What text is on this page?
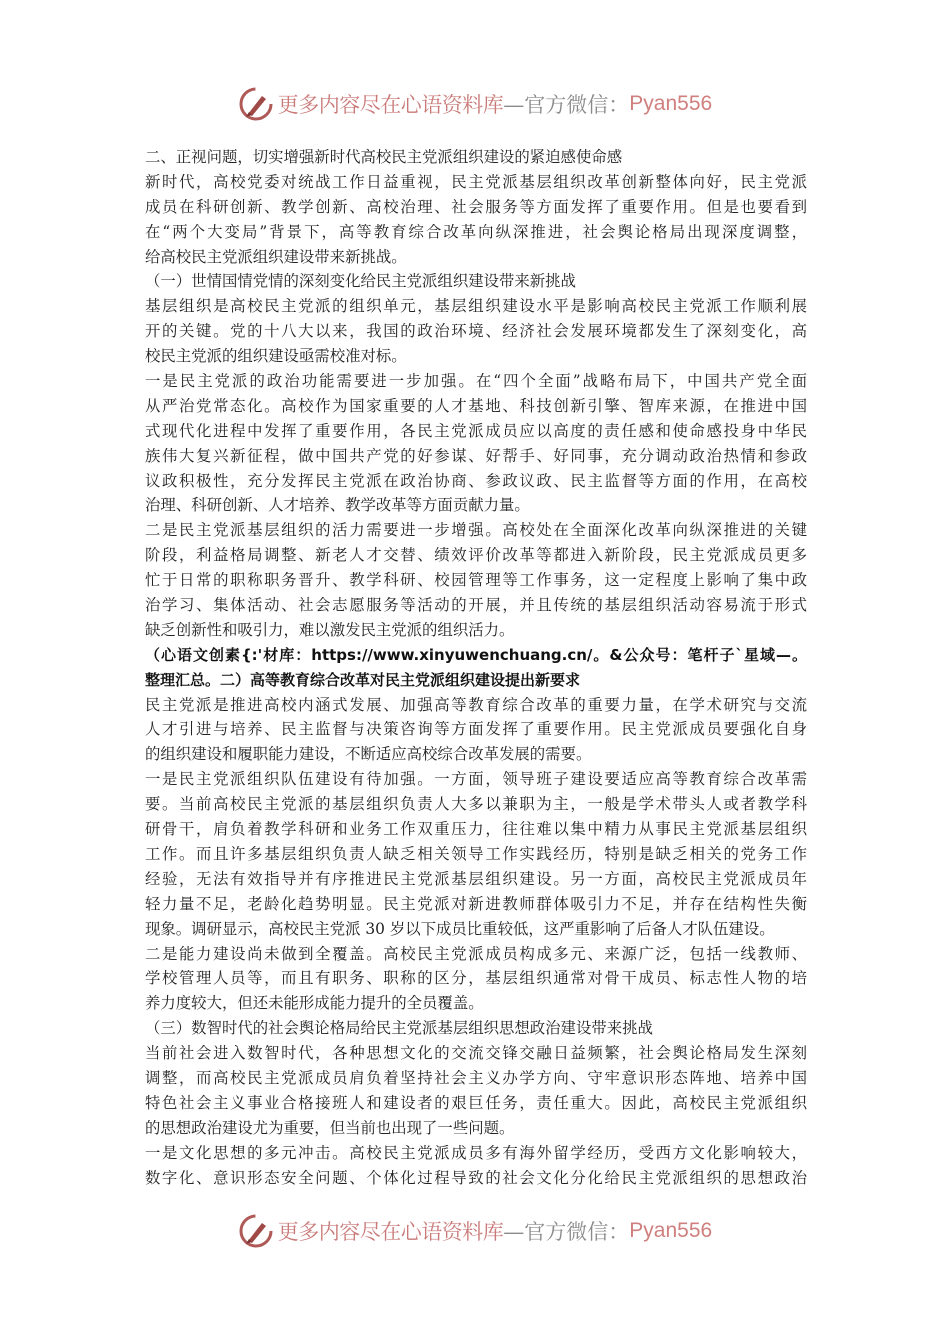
更多内容尽在心语资料库 —官方微信： Pyan556
二、正视问题，切实增强新时代高校民主党派组织建设的紧迫感使命感
新时代，高校党委对统战工作日益重视，民主党派基层组织改革创新整体向好，民主党派
成员在科研创新、教学创新、高校治理、社会服务等方面发挥了重要作用。但是也要看到
在“两个大变局”背景下，高等教育综合改革向纵深推进，社会舆论格局出现深度调整，
给高校民主党派组织建设带来新挑战。
（一）世情国情党情的深刻变化给民主党派组织建设带来新挑战
基层组织是高校民主党派的组织单元，基层组织建设水平是影响高校民主党派工作顺利展
开的关键。党的十八大以来，我国的政治环境、经济社会发展环境都发生了深刻变化，高
校民主党派的组织建设亟需校准对标。
一是民主党派的政治功能需要进一步加强。在“四个全面”战略布局下，中国共产党全面
从严治党常态化。高校作为国家重要的人才基地、科技创新引擎、智库来源，在推进中国
式现代化进程中发挥了重要作用，各民主党派成员应以高度的责任感和使命感投身中华民
族伟大复兴新征程，做中国共产党的好参谋、好帮手、好同事，充分调动政治热情和参政
议政积极性，充分发挥民主党派在政治协商、参政议政、民主监督等方面的作用，在高校
治理、科研创新、人才培养、教学改革等方面贡献力量。
二是民主党派基层组织的活力需要进一步增强。高校处在全面深化改革向纵深推进的关键
阶段，利益格局调整、新老人才交替、绩效评价改革等都进入新阶段，民主党派成员更多
忙于日常的职称职务晋升、教学科研、校园管理等工作事务，这一定程度上影响了集中政
治学习、集体活动、社会志愿服务等活动的开展，并且传统的基层组织活动容易流于形式
缺乏创新性和吸引力，难以激发民主党派的组织活力。
（心语文创素{:'材库：https://www.xinyuwenchuang.cn/。&公众号：笔杆子`星域—。
整理汇总。二）高等教育综合改革对民主党派组织建设提出新要求
民主党派是推进高校内涵式发展、加强高等教育综合改革的重要力量，在学术研究与交流
人才引进与培养、民主监督与决策咨询等方面发挥了重要作用。民主党派成员要强化自身
的组织建设和履职能力建设，不断适应高校综合改革发展的需要。
一是民主党派组织队伍建设有待加强。一方面，领导班子建设要适应高等教育综合改革需
要。当前高校民主党派的基层组织负责人大多以兼职为主，一般是学术带头人或者教学科
研骨干，肩负着教学科研和业务工作双重压力，往往难以集中精力从事民主党派基层组织
工作。而且许多基层组织负责人缺乏相关领导工作实践经历，特别是缺乏相关的党务工作
经验，无法有效指导并有序推进民主党派基层组织建设。另一方面，高校民主党派成员年
轻力量不足，老龄化趋势明显。民主党派对新进教师群体吸引力不足，并存在结构性失衡
现象。调研显示，高校民主党派 30 岁以下成员比重较低，这严重影响了后备人才队伍建设。
二是能力建设尚未做到全覆盖。高校民主党派成员构成多元、来源广泛，包括一线教师、
学校管理人员等，而且有职务、职称的区分，基层组织通常对骨干成员、标志性人物的培
养力度较大，但还未能形成能力提升的全员覆盖。
（三）数智时代的社会舆论格局给民主党派基层组织思想政治建设带来挑战
当前社会进入数智时代，各种思想文化的交流交锋交融日益频繁，社会舆论格局发生深刻
调整，而高校民主党派成员肩负着坚持社会主义办学方向、守牢意识形态阵地、培养中国
特色社会主义事业合格接班人和建设者的艰巨任务，责任重大。因此，高校民主党派组织
的思想政治建设尤为重要，但当前也出现了一些问题。
一是文化思想的多元冲击。高校民主党派成员多有海外留学经历，受西方文化影响较大，
数字化、意识形态安全问题、个体化过程导致的社会文化分化给民主党派组织的思想政治
更多内容尽在心语资料库 —官方微信： Pyan556
